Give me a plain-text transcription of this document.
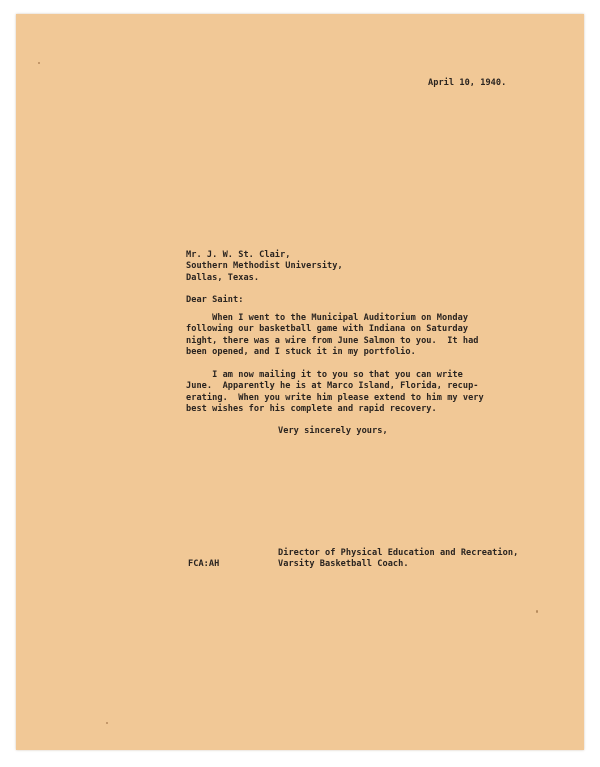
April 10, 1940.

Mr. J. W. St. Clair,
Southern Methodist University,
Dallas, Texas.

Dear Saint:

When I went to the Municipal Auditorium on Monday
following our basketball game with Indiana on Saturday
night, there was a wire from June Salmon to you.  It had
been opened, and I stuck it in my portfolio.

I am now mailing it to you so that you can write
June.  Apparently he is at Marco Island, Florida, recup-
erating.  When you write him please extend to him my very
best wishes for his complete and rapid recovery.

Very sincerely yours,

Director of Physical Education and Recreation,
Varsity Basketball Coach.

FCA:AH
